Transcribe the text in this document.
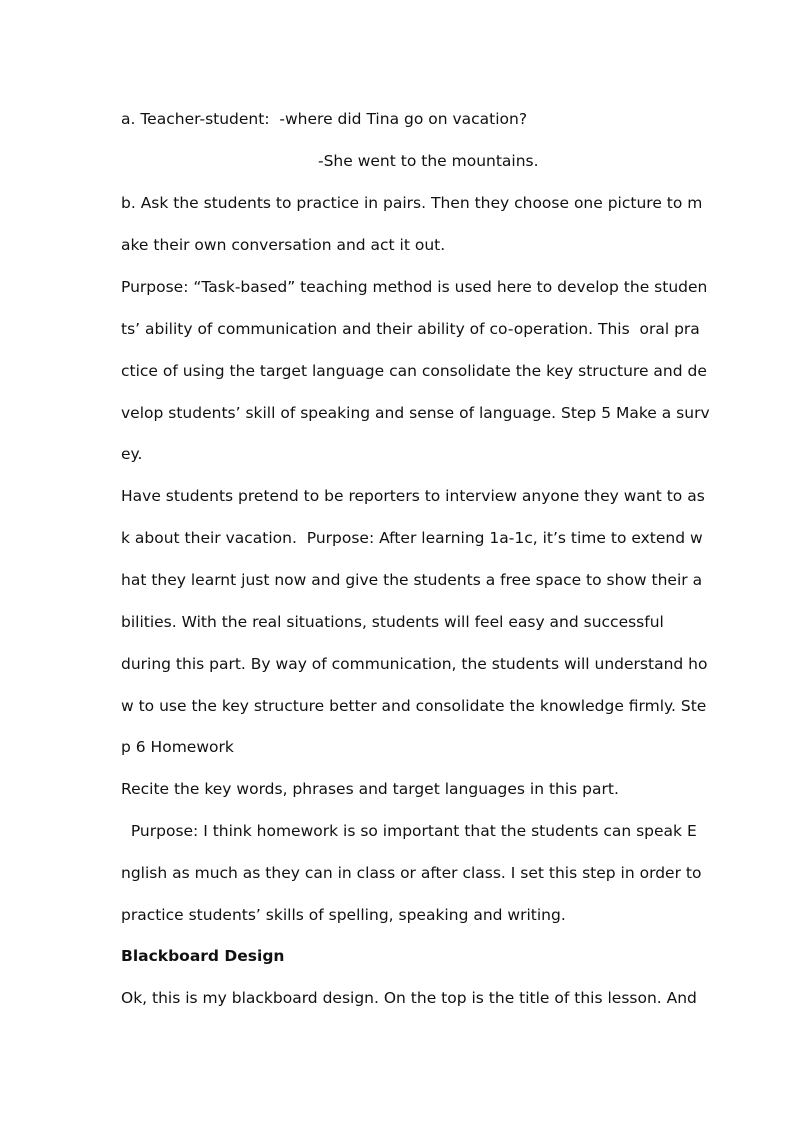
a. Teacher-student:  -where did Tina go on vacation?
-She went to the mountains.
b. Ask the students to practice in pairs. Then they choose one picture to m
ake their own conversation and act it out.
Purpose: “Task-based” teaching method is used here to develop the studen
ts’ ability of communication and their ability of co-operation. This  oral pra
ctice of using the target language can consolidate the key structure and de
velop students’ skill of speaking and sense of language. Step 5 Make a surv
ey.
Have students pretend to be reporters to interview anyone they want to as
k about their vacation.  Purpose: After learning 1a-1c, it’s time to extend w
hat they learnt just now and give the students a free space to show their a
bilities. With the real situations, students will feel easy and successful
during this part. By way of communication, the students will understand ho
w to use the key structure better and consolidate the knowledge firmly. Ste
p 6 Homework
Recite the key words, phrases and target languages in this part.
Purpose: I think homework is so important that the students can speak E
nglish as much as they can in class or after class. I set this step in order to
practice students’ skills of spelling, speaking and writing.
Blackboard Design
Ok, this is my blackboard design. On the top is the title of this lesson. And
